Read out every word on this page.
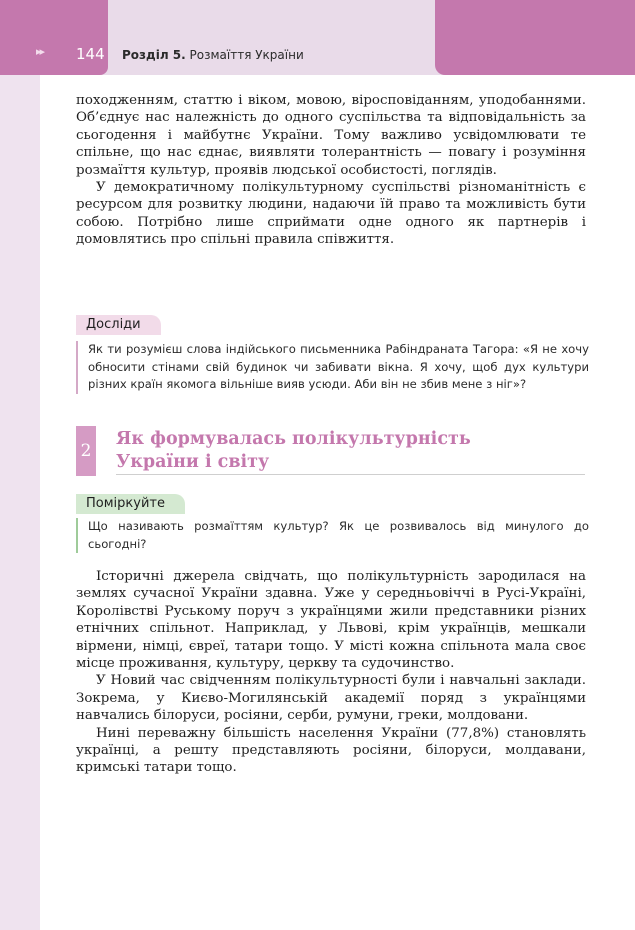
▸▸ 144 Розділ 5. Розмаїття України

походженням, статтю і віком, мовою, віросповіданням, уподобаннями. Об’єднує нас належність до одного суспільства та відповідальність за сьогодення і майбутнє України. Тому важливо усвідомлювати те спільне, що нас єднає, виявляти толерантність — повагу і розуміння розмаїття культур, проявів людської особистості, поглядів.

У демократичному полікультурному суспільстві різноманітність є ресурсом для розвитку людини, надаючи їй право та можливість бути собою. Потрібно лише сприймати одне одного як партнерів і домовлятись про спільні правила співжиття.

Досліди

Як ти розумієш слова індійського письменника Рабіндраната Тагора: «Я не хочу обносити стінами свій будинок чи забивати вікна. Я хочу, щоб дух культури різних країн якомога вільніше вияв усюди. Аби він не збив мене з ніг»?

2
Як формувалась полікультурність
України і світу
Поміркуйте

Що називають розмаїттям культур? Як це розвивалось від минулого до сьогодні?

Історичні джерела свідчать, що полікультурність зародилася на землях сучасної України здавна. Уже у середньовіччі в Русі-Україні, Королівстві Руському поруч з українцями жили представники різних етнічних спільнот. Наприклад, у Львові, крім українців, мешкали вірмени, німці, євреї, татари тощо. У місті кожна спільнота мала своє місце проживання, культуру, церкву та судочинство.

У Новий час свідченням полікультурності були і навчальні заклади. Зокрема, у Києво-Могилянській академії поряд з українцями навчались білоруси, росіяни, серби, румуни, греки, молдовани.

Нині переважну більшість населення України (77,8%) становлять українці, а решту представляють росіяни, білоруси, молдавани, кримські татари тощо.
